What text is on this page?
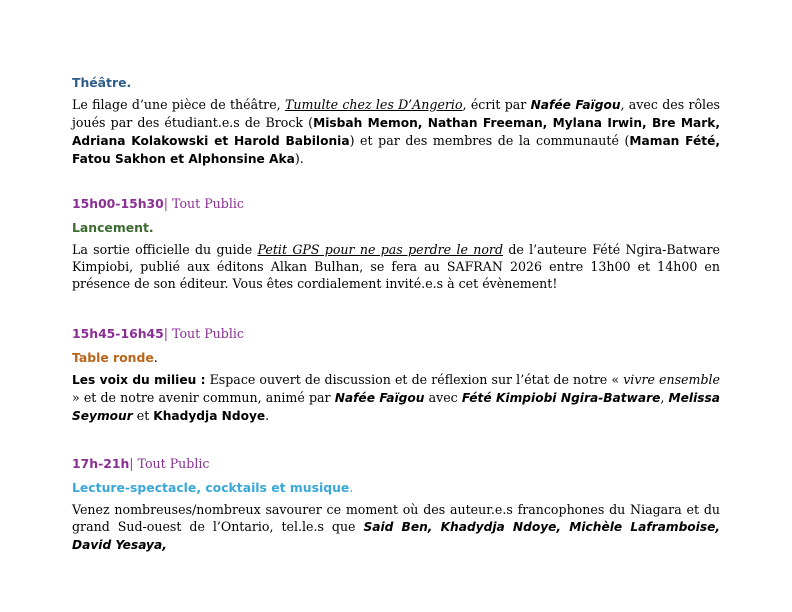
Théâtre.

Le filage d’une pièce de théâtre, Tumulte chez les D’Angerio, écrit par Nafée Faïgou, avec des rôles joués par des étudiant.e.s de Brock (Misbah Memon, Nathan Freeman, Mylana Irwin, Bre Mark, Adriana Kolakowski et Harold Babilonia) et par des membres de la communauté (Maman Fété, Fatou Sakhon et Alphonsine Aka).

15h00-15h30| Tout Public
Lancement.

La sortie officielle du guide Petit GPS pour ne pas perdre le nord de l’auteure Fété Ngira-Batware Kimpiobi, publié aux éditons Alkan Bulhan, se fera au SAFRAN 2026 entre 13h00 et 14h00 en présence de son éditeur. Vous êtes cordialement invité.e.s à cet évènement!

15h45-16h45| Tout Public
Table ronde.

Les voix du milieu : Espace ouvert de discussion et de réflexion sur l’état de notre « vivre ensemble » et de notre avenir commun, animé par Nafée Faïgou avec Fété Kimpiobi Ngira-Batware, Melissa Seymour et Khadydja Ndoye.

17h-21h| Tout Public
Lecture-spectacle, cocktails et musique.

Venez nombreuses/nombreux savourer ce moment où des auteur.e.s francophones du Niagara et du grand Sud-ouest de l’Ontario, tel.le.s que Said Ben, Khadydja Ndoye, Michèle Laframboise, David Yesaya,
